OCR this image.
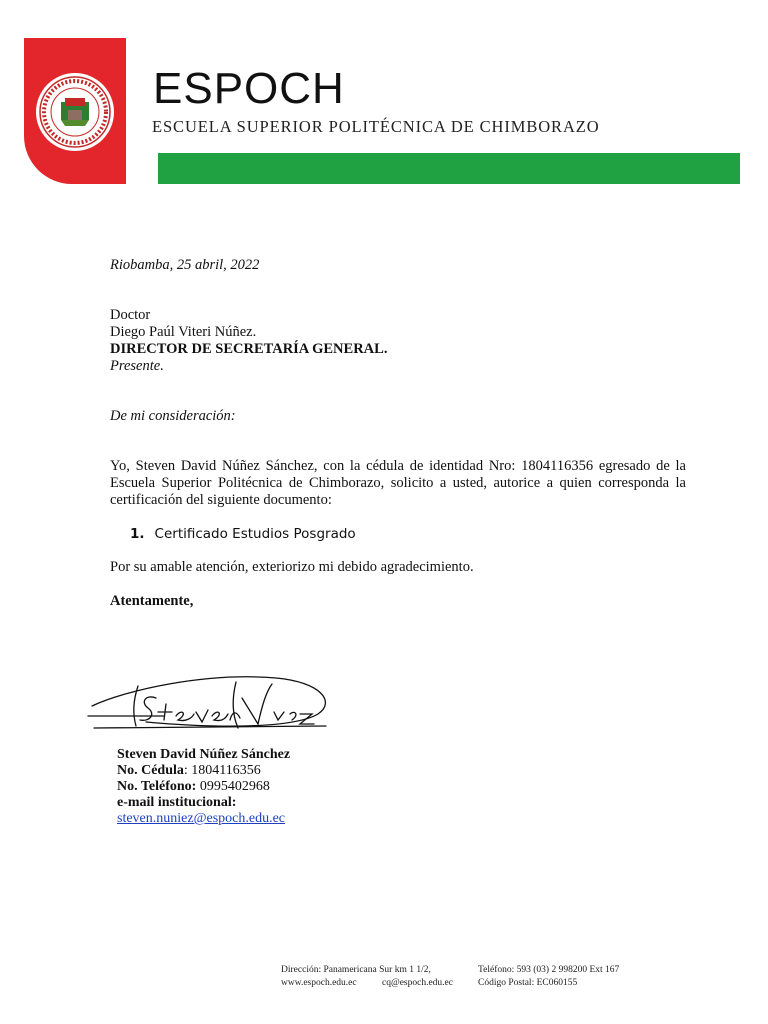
ESPOCH
ESCUELA SUPERIOR POLITÉCNICA DE CHIMBORAZO
Riobamba, 25 abril, 2022
Doctor
Diego Paúl Viteri Núñez.
DIRECTOR DE SECRETARÍA GENERAL.
Presente.
De mi consideración:
Yo, Steven David Núñez Sánchez, con la cédula de identidad Nro: 1804116356 egresado de la Escuela Superior Politécnica de Chimborazo, solicito a usted, autorice a quien corresponda la certificación del siguiente documento:
1. Certificado Estudios Posgrado
Por su amable atención, exteriorizo mi debido agradecimiento.
Atentamente,
Steven David Núñez Sánchez
No. Cédula: 1804116356
No. Teléfono: 0995402968
e-mail institucional:
steven.nuniez@espoch.edu.ec
Dirección: Panamericana Sur km 1 1/2,	Teléfono: 593 (03) 2 998200 Ext 167
www.espoch.edu.ec	cq@espoch.edu.ec	Código Postal: EC060155
